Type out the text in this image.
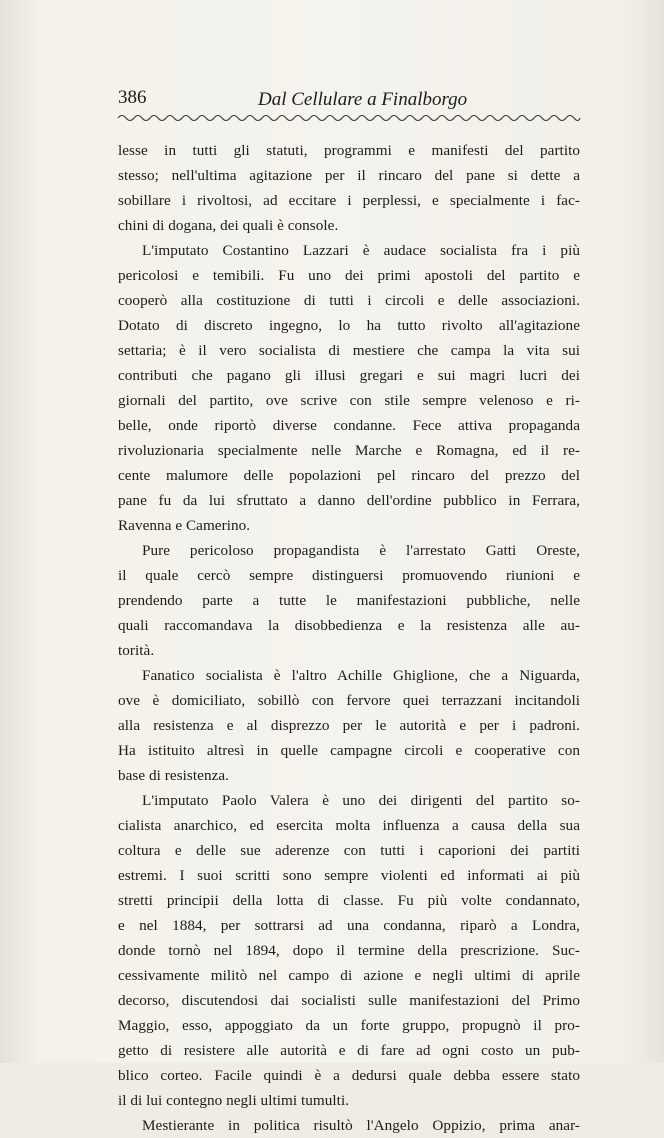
386	Dal Cellulare a Finalborgo
lesse in tutti gli statuti, programmi e manifesti del partito
stesso; nell'ultima agitazione per il rincaro del pane si dette a
sobillare i rivoltosi, ad eccitare i perplessi, e specialmente i fac-
chini di dogana, dei quali è console.
L'imputato Costantino Lazzari è audace socialista fra i più
pericolosi e temibili. Fu uno dei primi apostoli del partito e
cooperò alla costituzione di tutti i circoli e delle associazioni.
Dotato di discreto ingegno, lo ha tutto rivolto all'agitazione
settaria; è il vero socialista di mestiere che campa la vita sui
contributi che pagano gli illusi gregari e sui magri lucri dei
giornali del partito, ove scrive con stile sempre velenoso e ri-
belle, onde riportò diverse condanne. Fece attiva propaganda
rivoluzionaria specialmente nelle Marche e Romagna, ed il re-
cente malumore delle popolazioni pel rincaro del prezzo del
pane fu da lui sfruttato a danno dell'ordine pubblico in Ferrara,
Ravenna e Camerino.
Pure pericoloso propagandista è l'arrestato Gatti Oreste,
il quale cercò sempre distinguersi promuovendo riunioni e
prendendo parte a tutte le manifestazioni pubbliche, nelle
quali raccomandava la disobbedienza e la resistenza alle au-
torità.
Fanatico socialista è l'altro Achille Ghiglione, che a Niguarda,
ove è domiciliato, sobillò con fervore quei terrazzani incitandoli
alla resistenza e al disprezzo per le autorità e per i padroni.
Ha istituito altresì in quelle campagne circoli e cooperative con
base di resistenza.
L'imputato Paolo Valera è uno dei dirigenti del partito so-
cialista anarchico, ed esercita molta influenza a causa della sua
coltura e delle sue aderenze con tutti i caporioni dei partiti
estremi. I suoi scritti sono sempre violenti ed informati ai più
stretti principii della lotta di classe. Fu più volte condannato,
e nel 1884, per sottrarsi ad una condanna, riparò a Londra,
donde tornò nel 1894, dopo il termine della prescrizione. Suc-
cessivamente militò nel campo di azione e negli ultimi di aprile
decorso, discutendosi dai socialisti sulle manifestazioni del Primo
Maggio, esso, appoggiato da un forte gruppo, propugnò il pro-
getto di resistere alle autorità e di fare ad ogni costo un pub-
blico corteo. Facile quindi è a dedursi quale debba essere stato
il di lui contegno negli ultimi tumulti.
Mestierante in politica risultò l'Angelo Oppizio, prima anar-
